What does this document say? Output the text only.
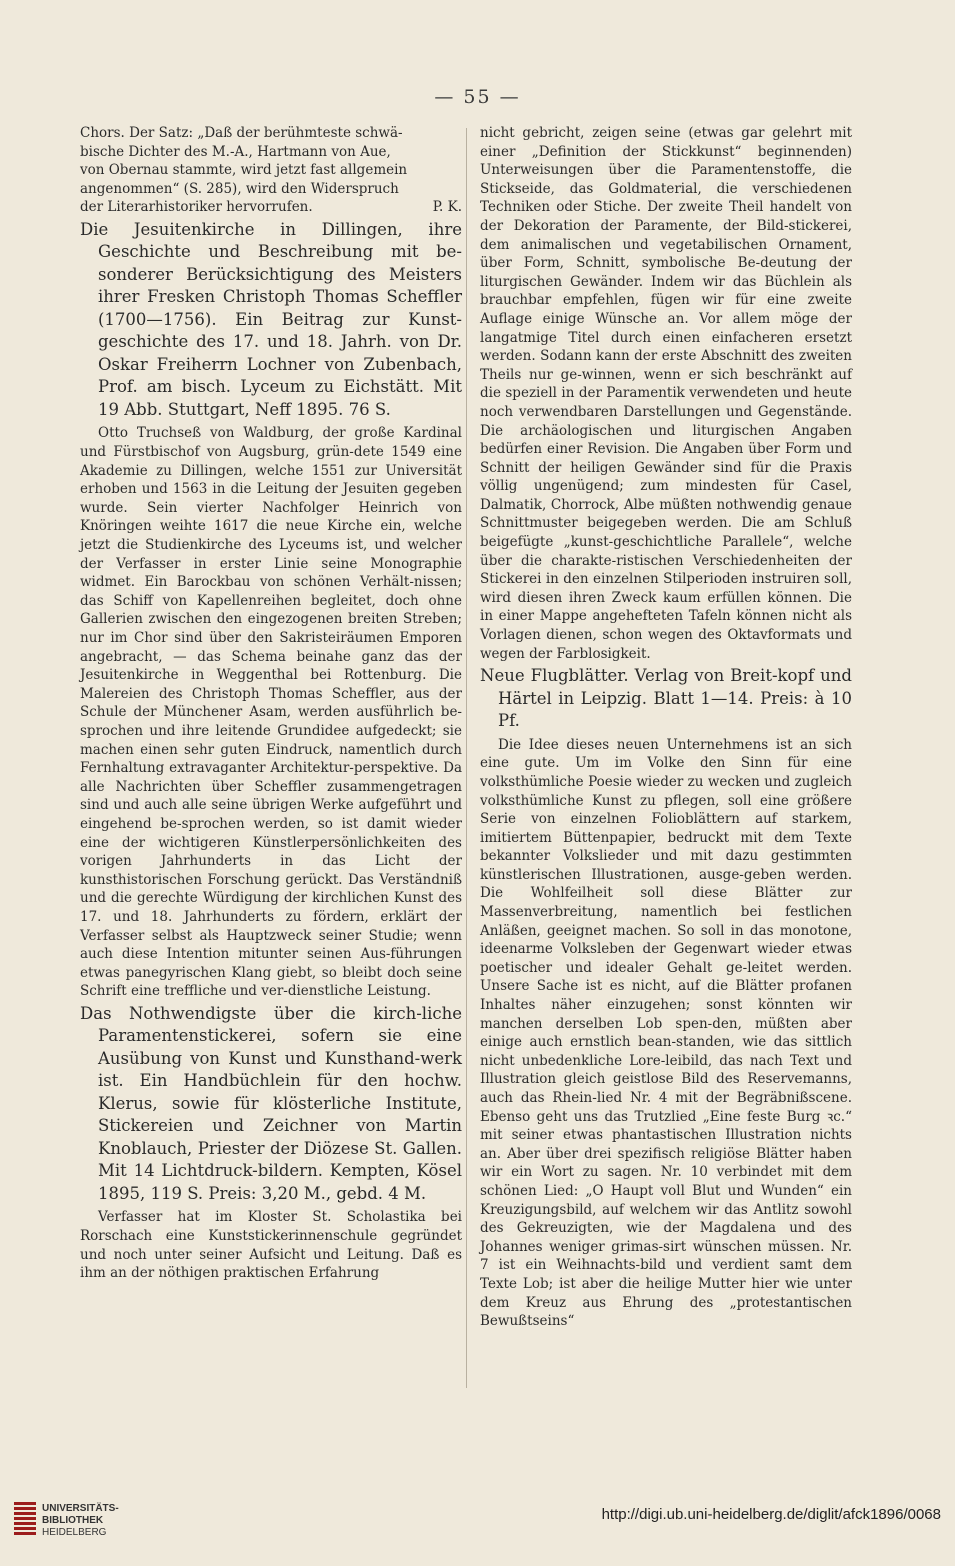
— 55 —

Chors. Der Satz: „Daß der berühmteste schwä-

bische Dichter des M.-A., Hartmann von Aue,

von Obernau stammte, wird jetzt fast allgemein

angenommen“ (S. 285), wird den Widerspruch

der Literarhistoriker hervorrufen.	P. K.

Die Jesuitenkirche in Dillingen, ihre Geschichte und Beschreibung mit be-sonderer Berücksichtigung des Meisters ihrer Fresken Christoph Thomas Scheffler (1700—1756). Ein Beitrag zur Kunst-geschichte des 17. und 18. Jahrh. von Dr. Oskar Freiherrn Lochner von Zubenbach, Prof. am bisch. Lyceum zu Eichstätt. Mit 19 Abb. Stuttgart, Neff 1895. 76 S.

Otto Truchseß von Waldburg, der große Kardinal und Fürstbischof von Augsburg, grün-dete 1549 eine Akademie zu Dillingen, welche 1551 zur Universität erhoben und 1563 in die Leitung der Jesuiten gegeben wurde. Sein vierter Nachfolger Heinrich von Knöringen weihte 1617 die neue Kirche ein, welche jetzt die Studienkirche des Lyceums ist, und welcher der Verfasser in erster Linie seine Monographie widmet. Ein Barockbau von schönen Verhält-nissen; das Schiff von Kapellenreihen begleitet, doch ohne Gallerien zwischen den eingezogenen breiten Streben; nur im Chor sind über den Sakristeiräumen Emporen angebracht, — das Schema beinahe ganz das der Jesuitenkirche in Weggenthal bei Rottenburg. Die Malereien des Christoph Thomas Scheffler, aus der Schule der Münchener Asam, werden ausführlich be-sprochen und ihre leitende Grundidee aufgedeckt; sie machen einen sehr guten Eindruck, namentlich durch Fernhaltung extravaganter Architektur-perspektive. Da alle Nachrichten über Scheffler zusammengetragen sind und auch alle seine übrigen Werke aufgeführt und eingehend be-sprochen werden, so ist damit wieder eine der wichtigeren Künstlerpersönlichkeiten des vorigen Jahrhunderts in das Licht der kunsthistorischen Forschung gerückt. Das Verständniß und die gerechte Würdigung der kirchlichen Kunst des 17. und 18. Jahrhunderts zu fördern, erklärt der Verfasser selbst als Hauptzweck seiner Studie; wenn auch diese Intention mitunter seinen Aus-führungen etwas panegyrischen Klang giebt, so bleibt doch seine Schrift eine treffliche und ver-dienstliche Leistung.

Das Nothwendigste über die kirch-liche Paramentenstickerei, sofern sie eine Ausübung von Kunst und Kunsthand-werk ist. Ein Handbüchlein für den hochw. Klerus, sowie für klösterliche Institute, Stickereien und Zeichner von Martin Knoblauch, Priester der Diözese St. Gallen. Mit 14 Lichtdruck-bildern. Kempten, Kösel 1895, 119 S. Preis: 3,20 M., gebd. 4 M.

Verfasser hat im Kloster St. Scholastika bei Rorschach eine Kunststickerinnenschule gegründet und noch unter seiner Aufsicht und Leitung. Daß es ihm an der nöthigen praktischen Erfahrung

nicht gebricht, zeigen seine (etwas gar gelehrt mit einer „Definition der Stickkunst“ beginnenden) Unterweisungen über die Paramentenstoffe, die Stickseide, das Goldmaterial, die verschiedenen Techniken oder Stiche. Der zweite Theil handelt von der Dekoration der Paramente, der Bild-stickerei, dem animalischen und vegetabilischen Ornament, über Form, Schnitt, symbolische Be-deutung der liturgischen Gewänder. Indem wir das Büchlein als brauchbar empfehlen, fügen wir für eine zweite Auflage einige Wünsche an. Vor allem möge der langatmige Titel durch einen einfacheren ersetzt werden. Sodann kann der erste Abschnitt des zweiten Theils nur ge-winnen, wenn er sich beschränkt auf die speziell in der Paramentik verwendeten und heute noch verwendbaren Darstellungen und Gegenstände. Die archäologischen und liturgischen Angaben bedürfen einer Revision. Die Angaben über Form und Schnitt der heiligen Gewänder sind für die Praxis völlig ungenügend; zum mindesten für Casel, Dalmatik, Chorrock, Albe müßten nothwendig genaue Schnittmuster beigegeben werden. Die am Schluß beigefügte „kunst-geschichtliche Parallele“, welche über die charakte-ristischen Verschiedenheiten der Stickerei in den einzelnen Stilperioden instruiren soll, wird diesen ihren Zweck kaum erfüllen können. Die in einer Mappe angehefteten Tafeln können nicht als Vorlagen dienen, schon wegen des Oktavformats und wegen der Farblosigkeit.

Neue Flugblätter. Verlag von Breit-kopf und Härtel in Leipzig. Blatt 1—14. Preis: à 10 Pf.

Die Idee dieses neuen Unternehmens ist an sich eine gute. Um im Volke den Sinn für eine volksthümliche Poesie wieder zu wecken und zugleich volksthümliche Kunst zu pflegen, soll eine größere Serie von einzelnen Folioblättern auf starkem, imitiertem Büttenpapier, bedruckt mit dem Texte bekannter Volkslieder und mit dazu gestimmten künstlerischen Illustrationen, ausge-geben werden. Die Wohlfeilheit soll diese Blätter zur Massenverbreitung, namentlich bei festlichen Anläßen, geeignet machen. So soll in das monotone, ideenarme Volksleben der Gegenwart wieder etwas poetischer und idealer Gehalt ge-leitet werden. Unsere Sache ist es nicht, auf die Blätter profanen Inhaltes näher einzugehen; sonst könnten wir manchen derselben Lob spen-den, müßten aber einige auch ernstlich bean-standen, wie das sittlich nicht unbedenkliche Lore-leibild, das nach Text und Illustration gleich geistlose Bild des Reservemanns, auch das Rhein-lied Nr. 4 mit der Begräbnißscene. Ebenso geht uns das Trutzlied „Eine feste Burg ꝛc.“ mit seiner etwas phantastischen Illustration nichts an. Aber über drei spezifisch religiöse Blätter haben wir ein Wort zu sagen. Nr. 10 verbindet mit dem schönen Lied: „O Haupt voll Blut und Wunden“ ein Kreuzigungsbild, auf welchem wir das Antlitz sowohl des Gekreuzigten, wie der Magdalena und des Johannes weniger grimas-sirt wünschen müssen. Nr. 7 ist ein Weihnachts-bild und verdient samt dem Texte Lob; ist aber die heilige Mutter hier wie unter dem Kreuz aus Ehrung des „protestantischen Bewußtseins“

UNIVERSITÄTS-
BIBLIOTHEK
HEIDELBERG
http://digi.ub.uni-heidelberg.de/diglit/afck1896/0068
